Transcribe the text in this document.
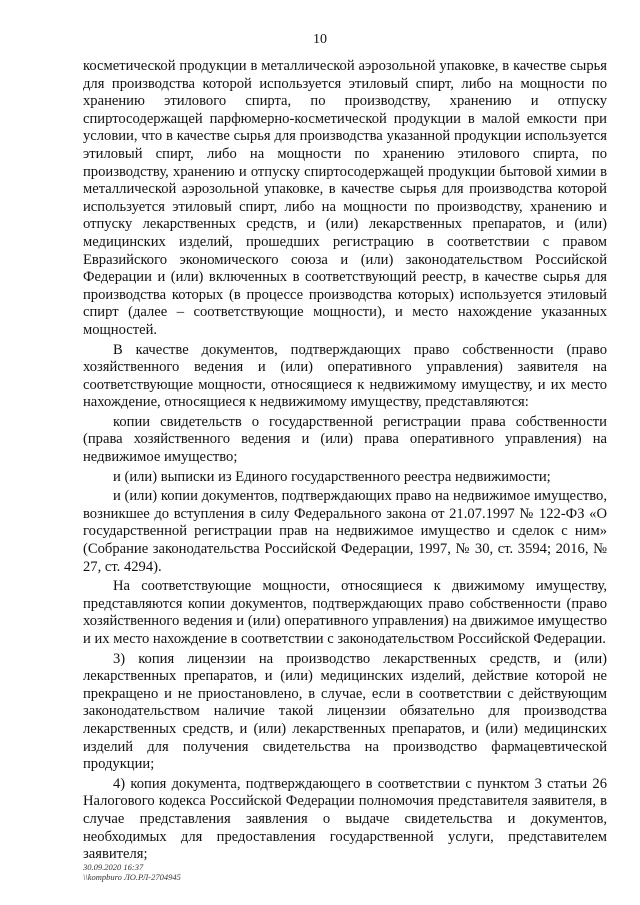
10

косметической продукции в металлической аэрозольной упаковке, в качестве сырья для производства которой используется этиловый спирт, либо на мощности по хранению этилового спирта, по производству, хранению и отпуску спиртосодержащей парфюмерно-косметической продукции в малой емкости при условии, что в качестве сырья для производства указанной продукции используется этиловый спирт, либо на мощности по хранению этилового спирта, по производству, хранению и отпуску спиртосодержащей продукции бытовой химии в металлической аэрозольной упаковке, в качестве сырья для производства которой используется этиловый спирт, либо на мощности по производству, хранению и отпуску лекарственных средств, и (или) лекарственных препаратов, и (или) медицинских изделий, прошедших регистрацию в соответствии с правом Евразийского экономического союза и (или) законодательством Российской Федерации и (или) включенных в соответствующий реестр, в качестве сырья для производства которых (в процессе производства которых) используется этиловый спирт (далее – соответствующие мощности), и место нахождение указанных мощностей.

В качестве документов, подтверждающих право собственности (право хозяйственного ведения и (или) оперативного управления) заявителя на соответствующие мощности, относящиеся к недвижимому имуществу, и их место нахождение, относящиеся к недвижимому имуществу, представляются:

копии свидетельств о государственной регистрации права собственности (права хозяйственного ведения и (или) права оперативного управления) на недвижимое имущество;

и (или) выписки из Единого государственного реестра недвижимости;

и (или) копии документов, подтверждающих право на недвижимое имущество, возникшее до вступления в силу Федерального закона от 21.07.1997 № 122-ФЗ «О государственной регистрации прав на недвижимое имущество и сделок с ним» (Собрание законодательства Российской Федерации, 1997, № 30, ст. 3594; 2016, № 27, ст. 4294).

На соответствующие мощности, относящиеся к движимому имуществу, представляются копии документов, подтверждающих право собственности (право хозяйственного ведения и (или) оперативного управления) на движимое имущество и их место нахождение в соответствии с законодательством Российской Федерации.

3) копия лицензии на производство лекарственных средств, и (или) лекарственных препаратов, и (или) медицинских изделий, действие которой не прекращено и не приостановлено, в случае, если в соответствии с действующим законодательством наличие такой лицензии обязательно для производства лекарственных средств, и (или) лекарственных препаратов, и (или) медицинских изделий для получения свидетельства на производство фармацевтической продукции;

4) копия документа, подтверждающего в соответствии с пунктом 3 статьи 26 Налогового кодекса Российской Федерации полномочия представителя заявителя, в случае представления заявления о выдаче свидетельства и документов, необходимых для предоставления государственной услуги, представителем заявителя;

30.09.2020 16:37
\\kompburo ЛО.РЛ-2704945
